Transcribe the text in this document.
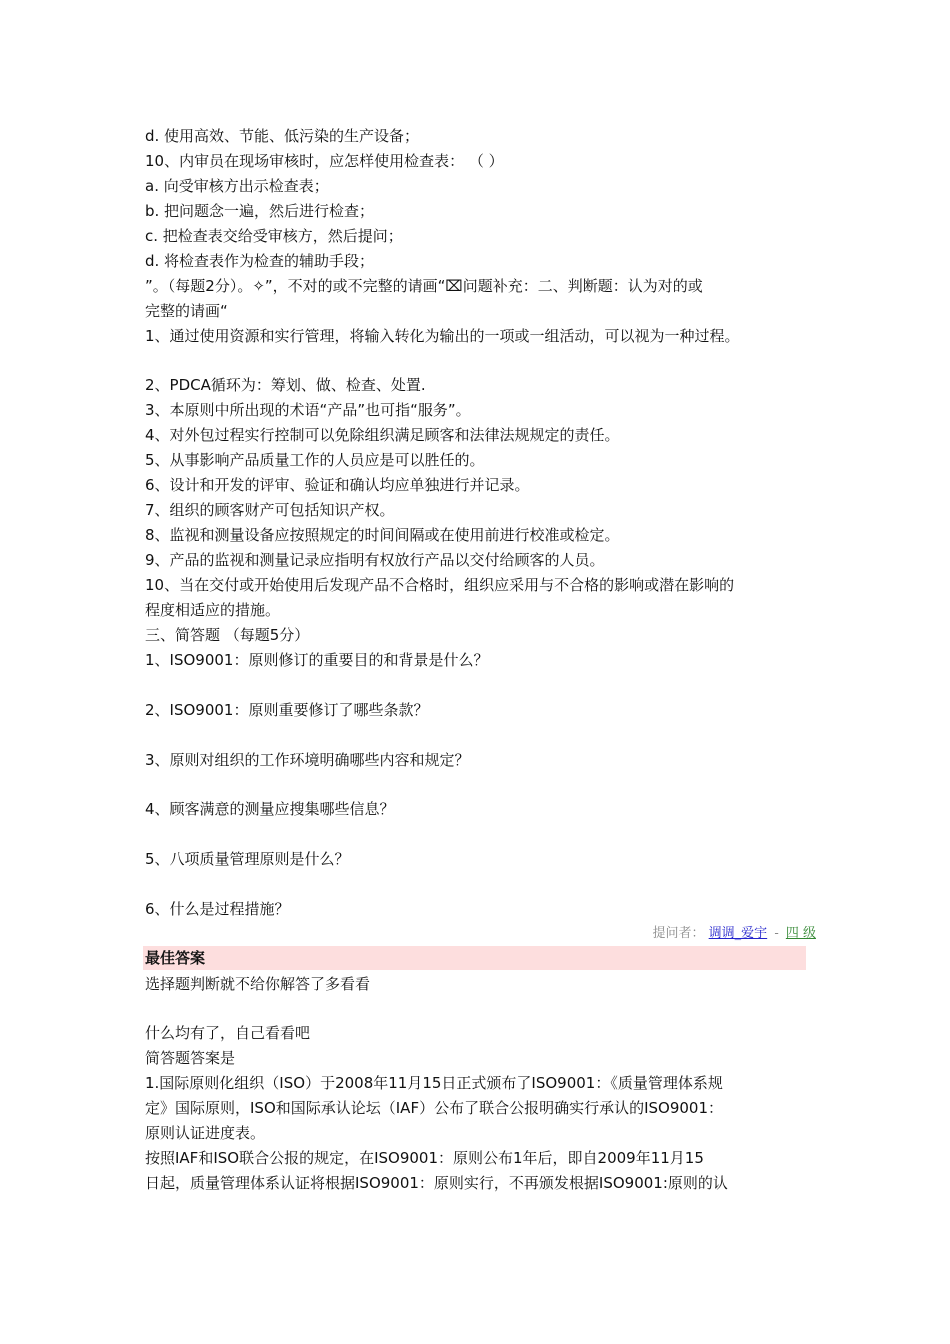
d. 使用高效、节能、低污染的生产设备；
10、内审员在现场审核时，应怎样使用检查表： （ ）
a. 向受审核方出示检查表；
b. 把问题念一遍，然后进行检查；
c. 把检查表交给受审核方，然后提问；
d. 将检查表作为检查的辅助手段；
”。（每题2分）。✧”，不对的或不完整的请画“⌧问题补充：二、判断题：认为对的或
完整的请画“
1、通过使用资源和实行管理，将输入转化为输出的一项或一组活动，可以视为一种过程。
2、PDCA循环为：筹划、做、检查、处置.
3、本原则中所出现的术语“产品”也可指“服务”。
4、对外包过程实行控制可以免除组织满足顾客和法律法规规定的责任。
5、从事影响产品质量工作的人员应是可以胜任的。
6、设计和开发的评审、验证和确认均应单独进行并记录。
7、组织的顾客财产可包括知识产权。
8、监视和测量设备应按照规定的时间间隔或在使用前进行校准或检定。
9、产品的监视和测量记录应指明有权放行产品以交付给顾客的人员。
10、当在交付或开始使用后发现产品不合格时，组织应采用与不合格的影响或潜在影响的
程度相适应的措施。
三、简答题 （每题5分）
1、ISO9001：原则修订的重要目的和背景是什么？
2、ISO9001：原则重要修订了哪些条款？
3、原则对组织的工作环境明确哪些内容和规定？
4、顾客满意的测量应搜集哪些信息？
5、八项质量管理原则是什么？
6、什么是过程措施？
提问者： 调调_爱宇 - 四 级
最佳答案
选择题判断就不给你解答了多看看
什么均有了，自己看看吧
简答题答案是
1.国际原则化组织（ISO）于2008年11月15日正式颁布了ISO9001：《质量管理体系规
定》国际原则，ISO和国际承认论坛（IAF）公布了联合公报明确实行承认的ISO9001：
原则认证进度表。
按照IAF和ISO联合公报的规定，在ISO9001：原则公布1年后，即自2009年11月15
日起，质量管理体系认证将根据ISO9001：原则实行，不再颁发根据ISO9001:原则的认
